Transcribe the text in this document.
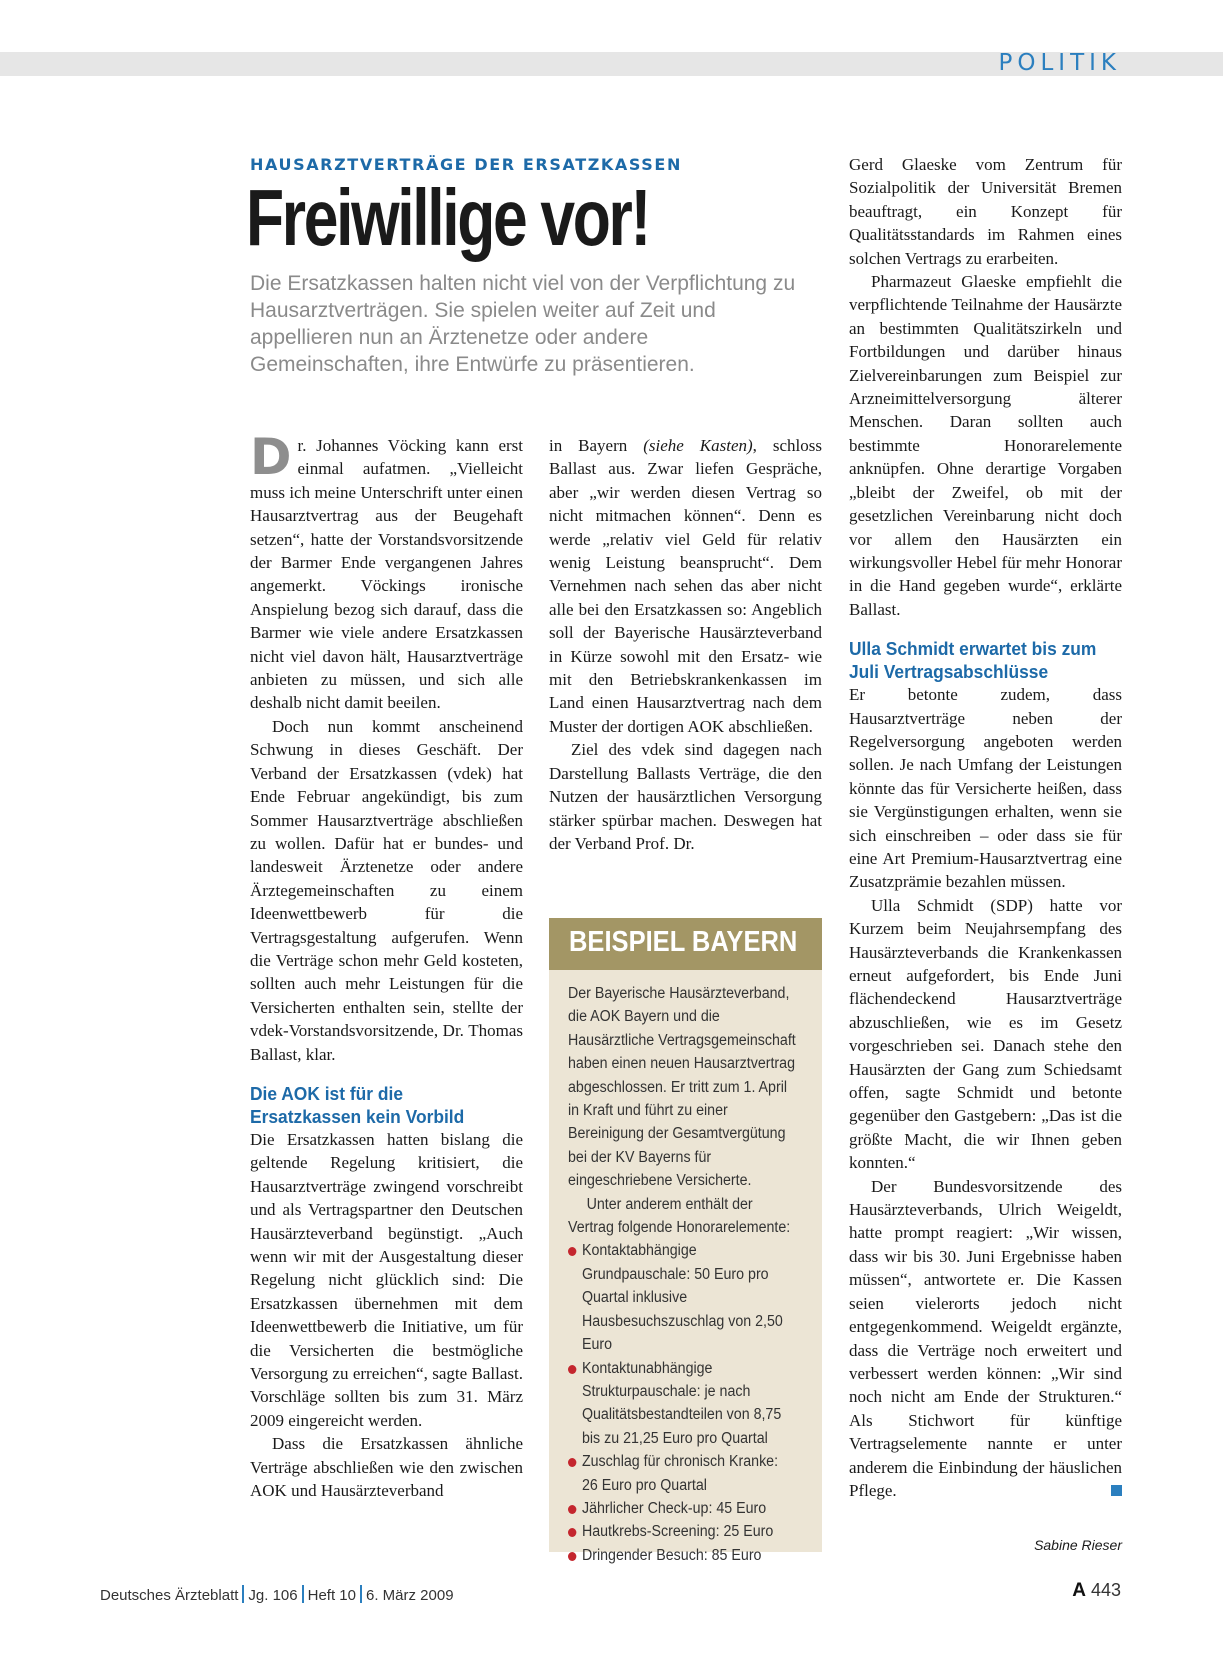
POLITIK
HAUSARZTVERTRÄGE DER ERSATZKASSEN
Freiwillige vor!

Die Ersatzkassen halten nicht viel von der Verpflichtung zu Hausarztverträgen. Sie spielen weiter auf Zeit und appellieren nun an Ärztenetze oder andere Gemeinschaften, ihre Entwürfe zu präsentieren.

Dr. Johannes Vöcking kann erst einmal aufatmen. „Vielleicht muss ich meine Unterschrift unter einen Hausarztvertrag aus der Beugehaft setzen“, hatte der Vorstandsvorsitzende der Barmer Ende vergangenen Jahres angemerkt. Vöckings ironische Anspielung bezog sich darauf, dass die Barmer wie viele andere Ersatzkassen nicht viel davon hält, Hausarztverträge anbieten zu müssen, und sich alle deshalb nicht damit beeilen.

Doch nun kommt anscheinend Schwung in dieses Geschäft. Der Verband der Ersatzkassen (vdek) hat Ende Februar angekündigt, bis zum Sommer Hausarztverträge abschließen zu wollen. Dafür hat er bundes- und landesweit Ärztenetze oder andere Ärztegemeinschaften zu einem Ideenwettbewerb für die Vertragsgestaltung aufgerufen. Wenn die Verträge schon mehr Geld kosteten, sollten auch mehr Leistungen für die Versicherten enthalten sein, stellte der vdek-Vorstandsvorsitzende, Dr. Thomas Ballast, klar.

Die AOK ist für die Ersatzkassen kein Vorbild

Die Ersatzkassen hatten bislang die geltende Regelung kritisiert, die Hausarztverträge zwingend vorschreibt und als Vertragspartner den Deutschen Hausärzteverband begünstigt. „Auch wenn wir mit der Ausgestaltung dieser Regelung nicht glücklich sind: Die Ersatzkassen übernehmen mit dem Ideenwettbewerb die Initiative, um für die Versicherten die bestmögliche Versorgung zu erreichen“, sagte Ballast. Vorschläge sollten bis zum 31. März 2009 eingereicht werden.

Dass die Ersatzkassen ähnliche Verträge abschließen wie den zwischen AOK und Hausärzteverband

in Bayern (siehe Kasten), schloss Ballast aus. Zwar liefen Gespräche, aber „wir werden diesen Vertrag so nicht mitmachen können“. Denn es werde „relativ viel Geld für relativ wenig Leistung beansprucht“. Dem Vernehmen nach sehen das aber nicht alle bei den Ersatzkassen so: Angeblich soll der Bayerische Hausärzteverband in Kürze sowohl mit den Ersatz- wie mit den Betriebskrankenkassen im Land einen Hausarztvertrag nach dem Muster der dortigen AOK abschließen.

Ziel des vdek sind dagegen nach Darstellung Ballasts Verträge, die den Nutzen der hausärztlichen Versorgung stärker spürbar machen. Deswegen hat der Verband Prof. Dr.

BEISPIEL BAYERN

Der Bayerische Hausärzteverband, die AOK Bayern und die Hausärztliche Vertragsgemeinschaft haben einen neuen Hausarztvertrag abgeschlossen. Er tritt zum 1. April in Kraft und führt zu einer Bereinigung der Gesamtvergütung bei der KV Bayerns für eingeschriebene Versicherte.

Unter anderem enthält der Vertrag folgende Honorarelemente:

Kontaktabhängige Grundpauschale: 50 Euro pro Quartal inklusive Hausbesuchszuschlag von 2,50 Euro
Kontaktunabhängige Strukturpauschale: je nach Qualitätsbestandteilen von 8,75 bis zu 21,25 Euro pro Quartal
Zuschlag für chronisch Kranke: 26 Euro pro Quartal
Jährlicher Check-up: 45 Euro
Hautkrebs-Screening: 25 Euro
Dringender Besuch: 85 Euro

Gerd Glaeske vom Zentrum für Sozialpolitik der Universität Bremen beauftragt, ein Konzept für Qualitätsstandards im Rahmen eines solchen Vertrags zu erarbeiten.

Pharmazeut Glaeske empfiehlt die verpflichtende Teilnahme der Hausärzte an bestimmten Qualitätszirkeln und Fortbildungen und darüber hinaus Zielvereinbarungen zum Beispiel zur Arzneimittelversorgung älterer Menschen. Daran sollten auch bestimmte Honorarelemente anknüpfen. Ohne derartige Vorgaben „bleibt der Zweifel, ob mit der gesetzlichen Vereinbarung nicht doch vor allem den Hausärzten ein wirkungsvoller Hebel für mehr Honorar in die Hand gegeben wurde“, erklärte Ballast.

Ulla Schmidt erwartet bis zum Juli Vertragsabschlüsse

Er betonte zudem, dass Hausarztverträge neben der Regelversorgung angeboten werden sollen. Je nach Umfang der Leistungen könnte das für Versicherte heißen, dass sie Vergünstigungen erhalten, wenn sie sich einschreiben – oder dass sie für eine Art Premium-Hausarztvertrag eine Zusatzprämie bezahlen müssen.

Ulla Schmidt (SDP) hatte vor Kurzem beim Neujahrsempfang des Hausärzteverbands die Krankenkassen erneut aufgefordert, bis Ende Juni flächendeckend Hausarztverträge abzuschließen, wie es im Gesetz vorgeschrieben sei. Danach stehe den Hausärzten der Gang zum Schiedsamt offen, sagte Schmidt und betonte gegenüber den Gastgebern: „Das ist die größte Macht, die wir Ihnen geben konnten.“

Der Bundesvorsitzende des Hausärzteverbands, Ulrich Weigeldt, hatte prompt reagiert: „Wir wissen, dass wir bis 30. Juni Ergebnisse haben müssen“, antwortete er. Die Kassen seien vielerorts jedoch nicht entgegenkommend. Weigeldt ergänzte, dass die Verträge noch erweitert und verbessert werden können: „Wir sind noch nicht am Ende der Strukturen.“ Als Stichwort für künftige Vertragselemente nannte er unter anderem die Einbindung der häuslichen Pflege.

Sabine Rieser
Deutsches Ärzteblatt Jg. 106 Heft 10 6. März 2009	A 443
